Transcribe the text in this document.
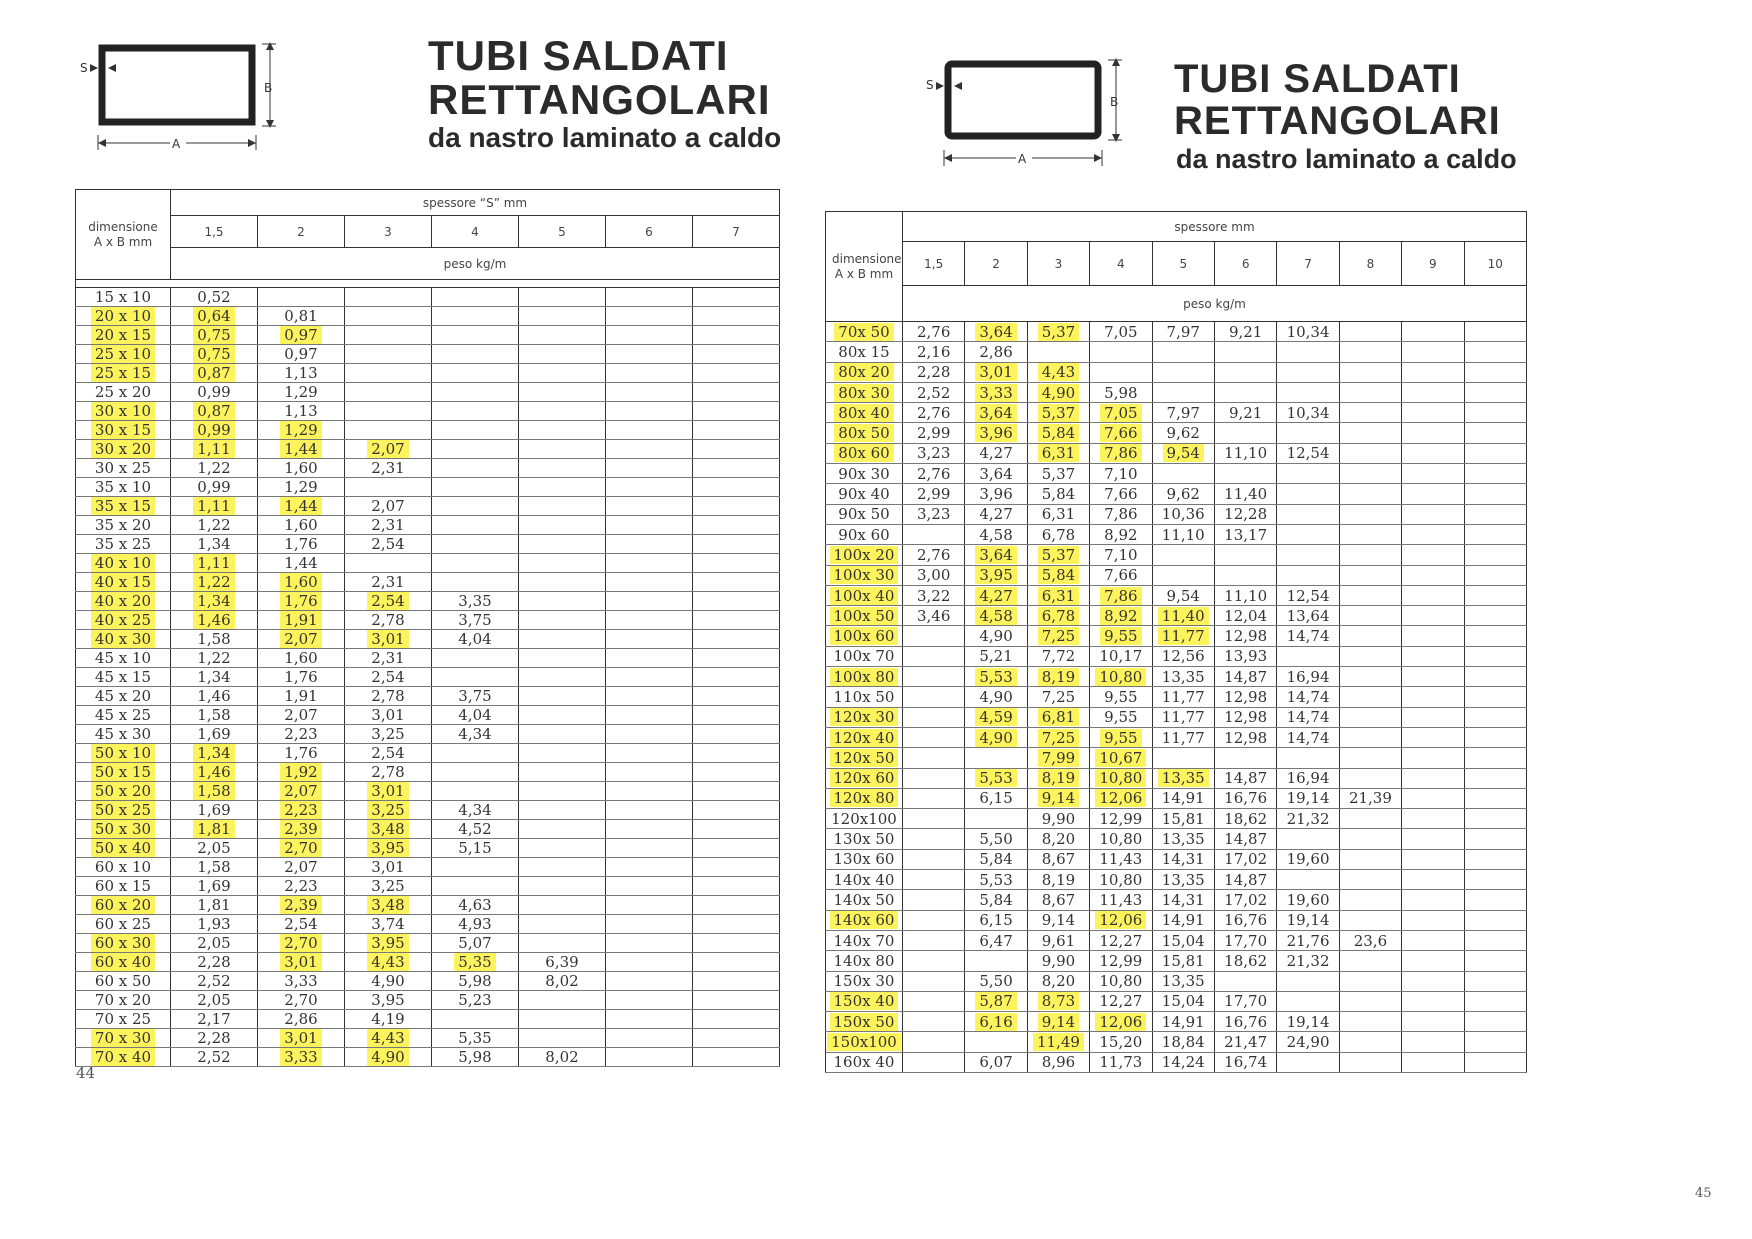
S
B
A
TUBI SALDATI
RETTANGOLARI
da nastro laminato a caldo
dimensione A x B mm	spessore “S” mm						
	1,5	2	3	4	5	6	7
	peso kg/m						

15 x 10	0,52						
20 x 10	0,64	0,81					
20 x 15	0,75	0,97					
25 x 10	0,75	0,97					
25 x 15	0,87	1,13					
25 x 20	0,99	1,29					
30 x 10	0,87	1,13					
30 x 15	0,99	1,29					
30 x 20	1,11	1,44	2,07				
30 x 25	1,22	1,60	2,31				
35 x 10	0,99	1,29					
35 x 15	1,11	1,44	2,07				
35 x 20	1,22	1,60	2,31				
35 x 25	1,34	1,76	2,54				
40 x 10	1,11	1,44					
40 x 15	1,22	1,60	2,31				
40 x 20	1,34	1,76	2,54	3,35			
40 x 25	1,46	1,91	2,78	3,75			
40 x 30	1,58	2,07	3,01	4,04			
45 x 10	1,22	1,60	2,31				
45 x 15	1,34	1,76	2,54				
45 x 20	1,46	1,91	2,78	3,75			
45 x 25	1,58	2,07	3,01	4,04			
45 x 30	1,69	2,23	3,25	4,34			
50 x 10	1,34	1,76	2,54				
50 x 15	1,46	1,92	2,78				
50 x 20	1,58	2,07	3,01				
50 x 25	1,69	2,23	3,25	4,34			
50 x 30	1,81	2,39	3,48	4,52			
50 x 40	2,05	2,70	3,95	5,15			
60 x 10	1,58	2,07	3,01				
60 x 15	1,69	2,23	3,25				
60 x 20	1,81	2,39	3,48	4,63			
60 x 25	1,93	2,54	3,74	4,93			
60 x 30	2,05	2,70	3,95	5,07			
60 x 40	2,28	3,01	4,43	5,35	6,39		
60 x 50	2,52	3,33	4,90	5,98	8,02		
70 x 20	2,05	2,70	3,95	5,23			
70 x 25	2,17	2,86	4,19				
70 x 30	2,28	3,01	4,43	5,35			
70 x 40	2,52	3,33	4,90	5,98	8,02		
44
S
B
A
TUBI SALDATI
RETTANGOLARI
da nastro laminato a caldo
dimensione A x B mm	spessore mm									
	1,5	2	3	4	5	6	7	8	9	10
	peso kg/m									
70x 50	2,76	3,64	5,37	7,05	7,97	9,21	10,34			
80x 15	2,16	2,86								
80x 20	2,28	3,01	4,43							
80x 30	2,52	3,33	4,90	5,98						
80x 40	2,76	3,64	5,37	7,05	7,97	9,21	10,34			
80x 50	2,99	3,96	5,84	7,66	9,62					
80x 60	3,23	4,27	6,31	7,86	9,54	11,10	12,54			
90x 30	2,76	3,64	5,37	7,10						
90x 40	2,99	3,96	5,84	7,66	9,62	11,40				
90x 50	3,23	4,27	6,31	7,86	10,36	12,28				
90x 60		4,58	6,78	8,92	11,10	13,17				
100x 20	2,76	3,64	5,37	7,10						
100x 30	3,00	3,95	5,84	7,66						
100x 40	3,22	4,27	6,31	7,86	9,54	11,10	12,54			
100x 50	3,46	4,58	6,78	8,92	11,40	12,04	13,64			
100x 60		4,90	7,25	9,55	11,77	12,98	14,74			
100x 70		5,21	7,72	10,17	12,56	13,93				
100x 80		5,53	8,19	10,80	13,35	14,87	16,94			
110x 50		4,90	7,25	9,55	11,77	12,98	14,74			
120x 30		4,59	6,81	9,55	11,77	12,98	14,74			
120x 40		4,90	7,25	9,55	11,77	12,98	14,74			
120x 50			7,99	10,67						
120x 60		5,53	8,19	10,80	13,35	14,87	16,94			
120x 80		6,15	9,14	12,06	14,91	16,76	19,14	21,39		
120x100			9,90	12,99	15,81	18,62	21,32			
130x 50		5,50	8,20	10,80	13,35	14,87				
130x 60		5,84	8,67	11,43	14,31	17,02	19,60			
140x 40		5,53	8,19	10,80	13,35	14,87				
140x 50		5,84	8,67	11,43	14,31	17,02	19,60			
140x 60		6,15	9,14	12,06	14,91	16,76	19,14			
140x 70		6,47	9,61	12,27	15,04	17,70	21,76	23,6		
140x 80			9,90	12,99	15,81	18,62	21,32			
150x 30		5,50	8,20	10,80	13,35					
150x 40		5,87	8,73	12,27	15,04	17,70				
150x 50		6,16	9,14	12,06	14,91	16,76	19,14			
150x100			11,49	15,20	18,84	21,47	24,90			
160x 40		6,07	8,96	11,73	14,24	16,74				
45
